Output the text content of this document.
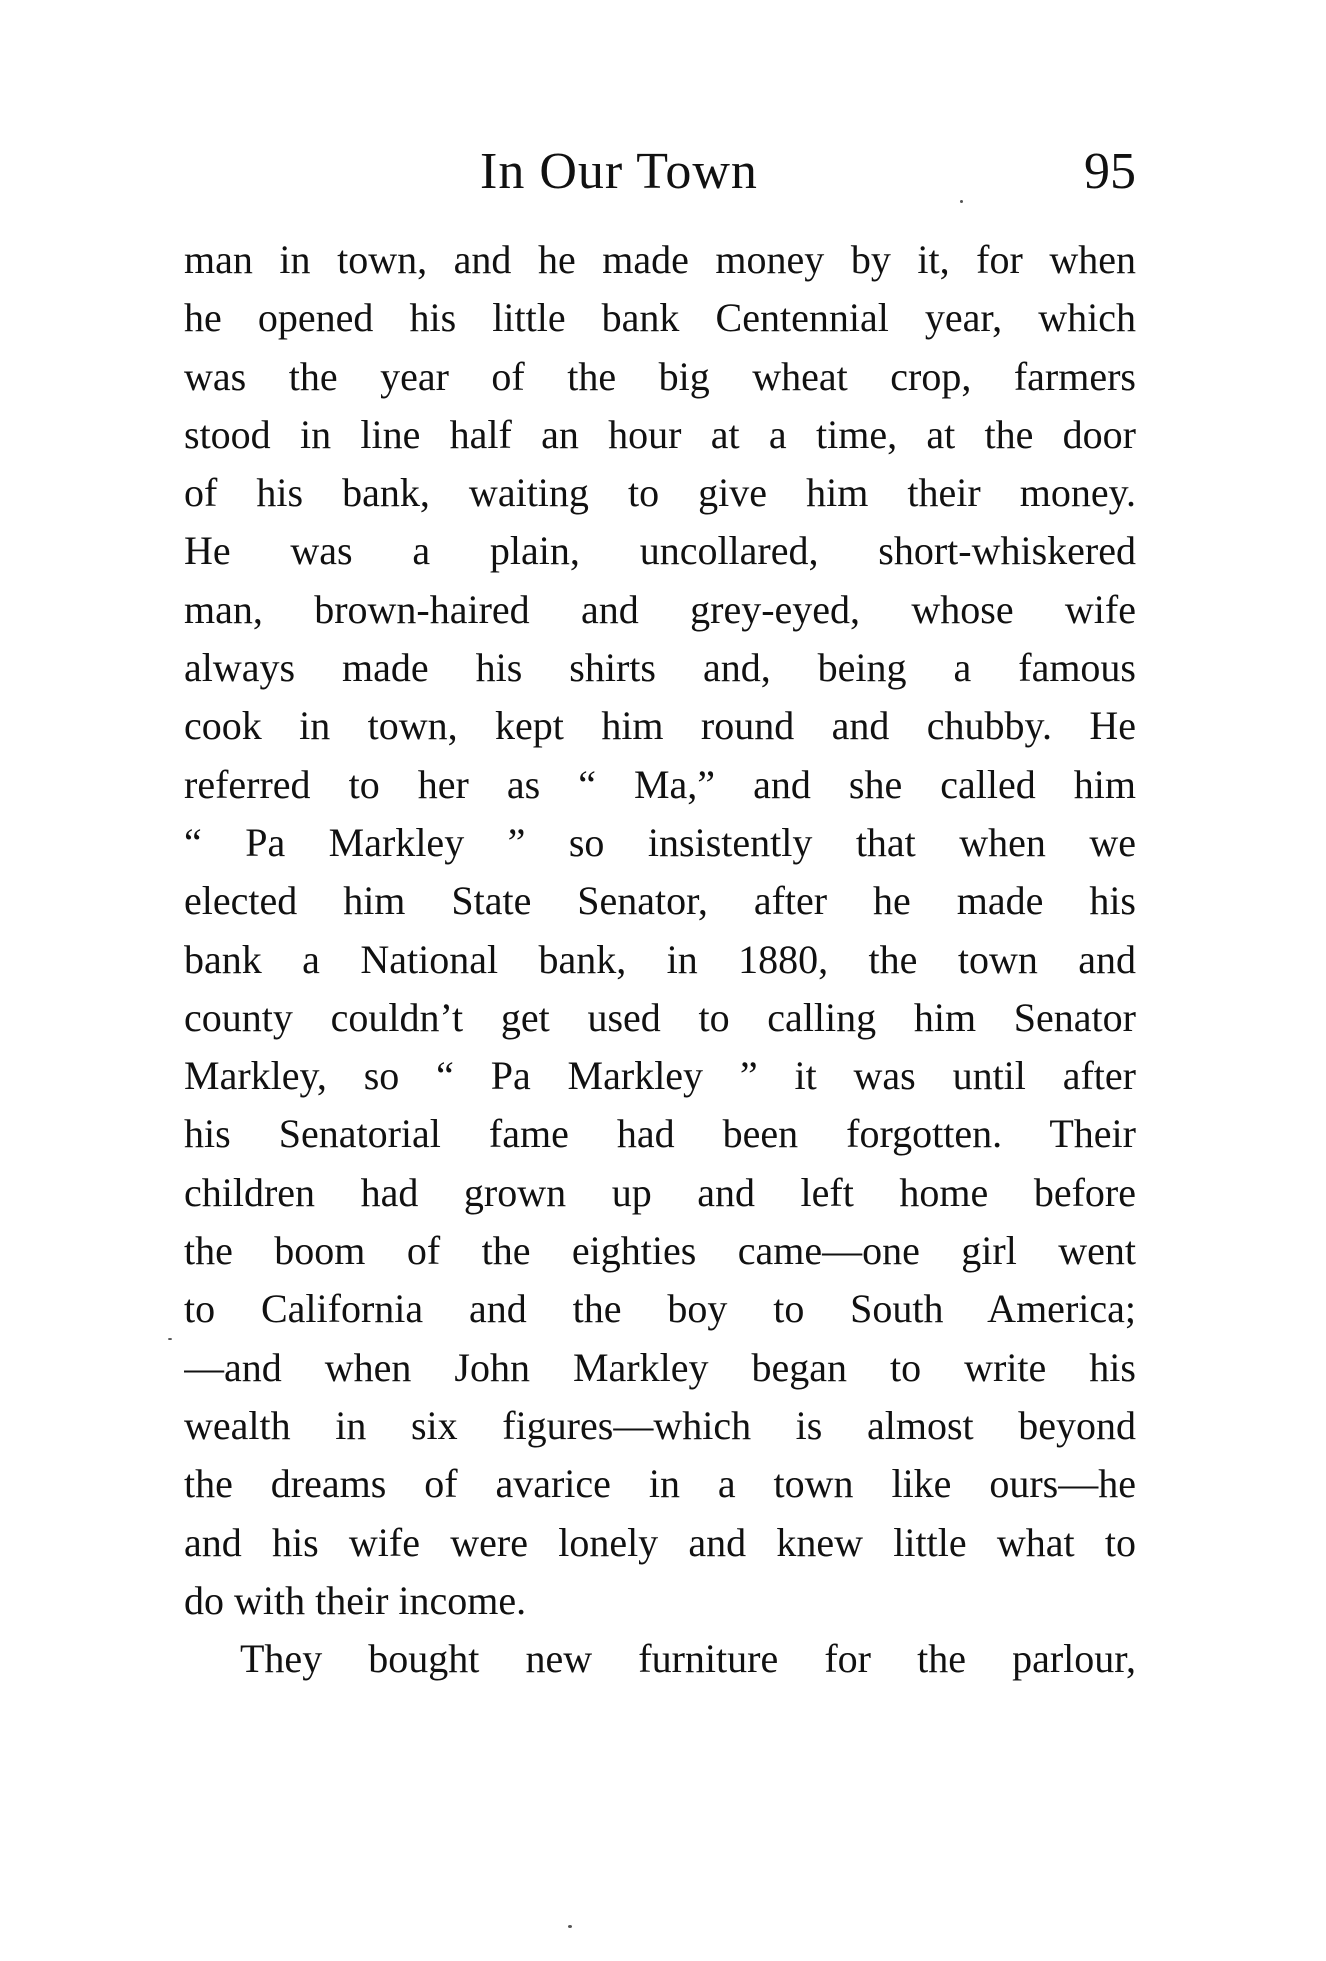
In Our Town	95
man in town, and he made money by it, for when
he opened his little bank Centennial year, which
was the year of the big wheat crop, farmers
stood in line half an hour at a time, at the door
of his bank, waiting to give him their money.
He was a plain, uncollared, short-whiskered
man, brown-haired and grey-eyed, whose wife
always made his shirts and, being a famous
cook in town, kept him round and chubby. He
referred to her as “ Ma,” and she called him
“ Pa Markley ” so insistently that when we
elected him State Senator, after he made his
bank a National bank, in 1880, the town and
county couldn’t get used to calling him Senator
Markley, so “ Pa Markley ” it was until after
his Senatorial fame had been forgotten. Their
children had grown up and left home before
the boom of the eighties came—one girl went
to California and the boy to South America;
—and when John Markley began to write his
wealth in six figures—which is almost beyond
the dreams of avarice in a town like ours—he
and his wife were lonely and knew little what to
do with their income.
They bought new furniture for the parlour,
